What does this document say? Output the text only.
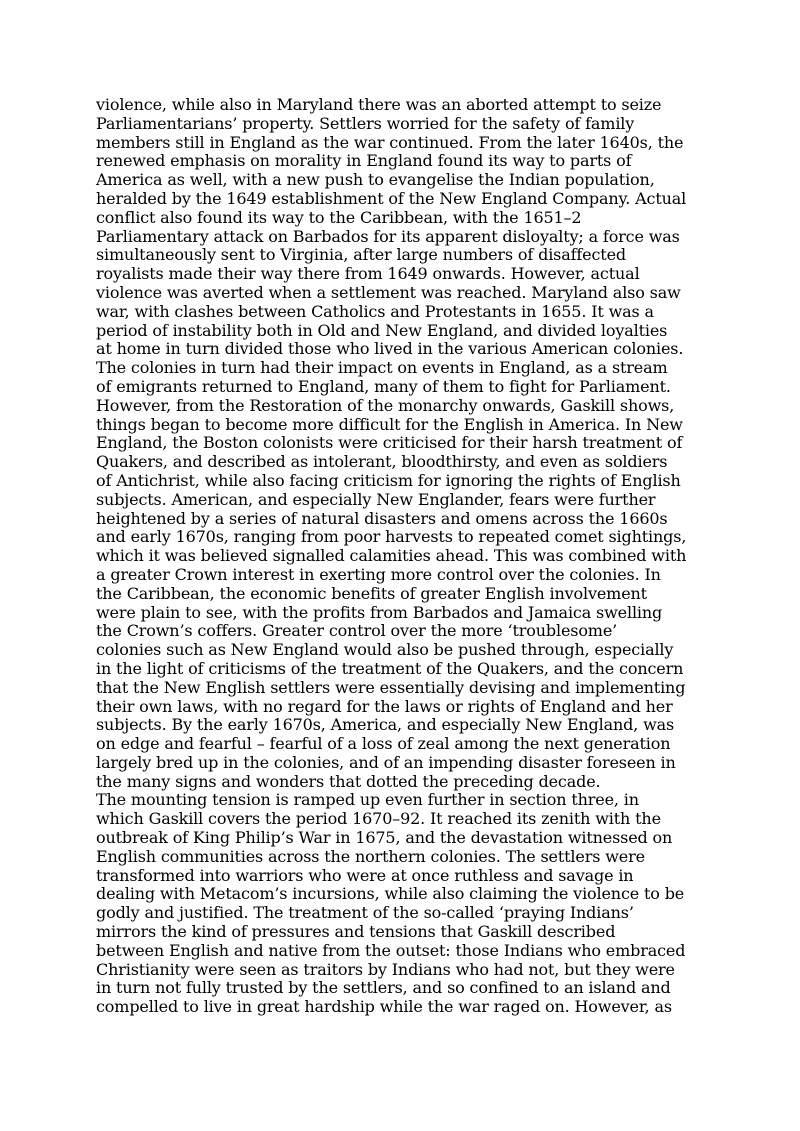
violence, while also in Maryland there was an aborted attempt to seize
Parliamentarians’ property. Settlers worried for the safety of family
members still in England as the war continued. From the later 1640s, the
renewed emphasis on morality in England found its way to parts of
America as well, with a new push to evangelise the Indian population,
heralded by the 1649 establishment of the New England Company. Actual
conflict also found its way to the Caribbean, with the 1651–2
Parliamentary attack on Barbados for its apparent disloyalty; a force was
simultaneously sent to Virginia, after large numbers of disaffected
royalists made their way there from 1649 onwards. However, actual
violence was averted when a settlement was reached. Maryland also saw
war, with clashes between Catholics and Protestants in 1655. It was a
period of instability both in Old and New England, and divided loyalties
at home in turn divided those who lived in the various American colonies.
The colonies in turn had their impact on events in England, as a stream
of emigrants returned to England, many of them to fight for Parliament.
However, from the Restoration of the monarchy onwards, Gaskill shows,
things began to become more difficult for the English in America. In New
England, the Boston colonists were criticised for their harsh treatment of
Quakers, and described as intolerant, bloodthirsty, and even as soldiers
of Antichrist, while also facing criticism for ignoring the rights of English
subjects. American, and especially New Englander, fears were further
heightened by a series of natural disasters and omens across the 1660s
and early 1670s, ranging from poor harvests to repeated comet sightings,
which it was believed signalled calamities ahead. This was combined with
a greater Crown interest in exerting more control over the colonies. In
the Caribbean, the economic benefits of greater English involvement
were plain to see, with the profits from Barbados and Jamaica swelling
the Crown’s coffers. Greater control over the more ‘troublesome’
colonies such as New England would also be pushed through, especially
in the light of criticisms of the treatment of the Quakers, and the concern
that the New English settlers were essentially devising and implementing
their own laws, with no regard for the laws or rights of England and her
subjects. By the early 1670s, America, and especially New England, was
on edge and fearful – fearful of a loss of zeal among the next generation
largely bred up in the colonies, and of an impending disaster foreseen in
the many signs and wonders that dotted the preceding decade.
The mounting tension is ramped up even further in section three, in
which Gaskill covers the period 1670–92. It reached its zenith with the
outbreak of King Philip’s War in 1675, and the devastation witnessed on
English communities across the northern colonies. The settlers were
transformed into warriors who were at once ruthless and savage in
dealing with Metacom’s incursions, while also claiming the violence to be
godly and justified. The treatment of the so-called ‘praying Indians’
mirrors the kind of pressures and tensions that Gaskill described
between English and native from the outset: those Indians who embraced
Christianity were seen as traitors by Indians who had not, but they were
in turn not fully trusted by the settlers, and so confined to an island and
compelled to live in great hardship while the war raged on. However, as
